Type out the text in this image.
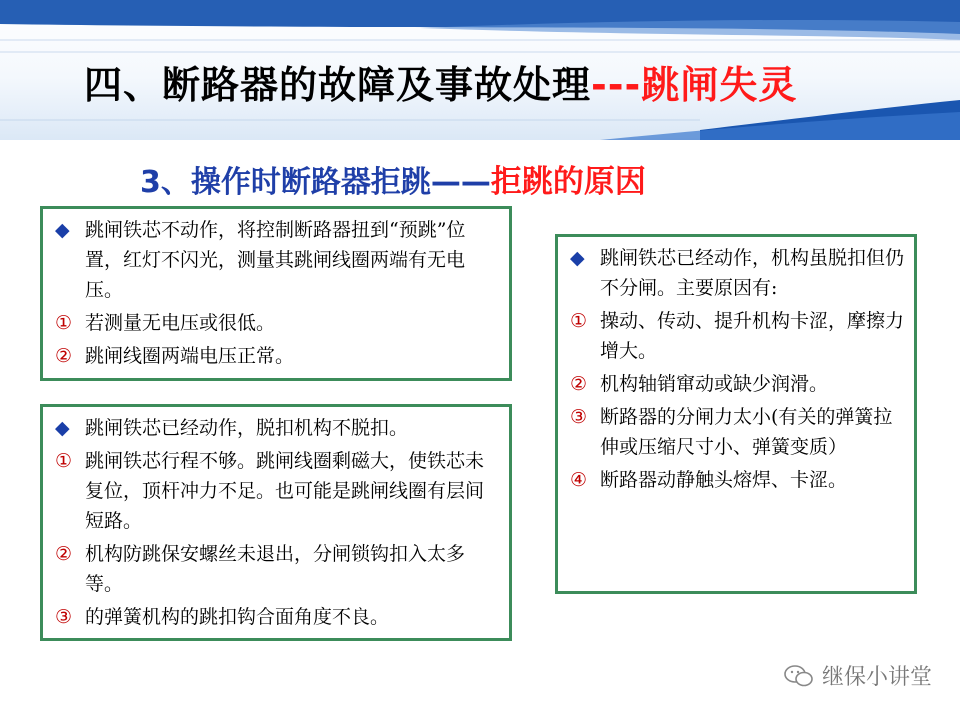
四、断路器的故障及事故处理---跳闸失灵
3、操作时断路器拒跳——拒跳的原因
◆ 跳闸铁芯不动作，将控制断路器扭到“预跳”位置，红灯不闪光，测量其跳闸线圈两端有无电压。
① 若测量无电压或很低。
② 跳闸线圈两端电压正常。
◆ 跳闸铁芯已经动作，脱扣机构不脱扣。
① 跳闸铁芯行程不够。跳闸线圈剩磁大，使铁芯未复位，顶杆冲力不足。也可能是跳闸线圈有层间短路。
② 机构防跳保安螺丝未退出，分闸锁钩扣入太多等。
③ 的弹簧机构的跳扣钩合面角度不良。
◆ 跳闸铁芯已经动作，机构虽脱扣但仍不分闸。主要原因有:
① 操动、传动、提升机构卡涩，摩擦力增大。
② 机构轴销窜动或缺少润滑。
③ 断路器的分闸力太小(有关的弹簧拉伸或压缩尺寸小、弹簧变质）
④ 断路器动静触头熔焊、卡涩。
继保小讲堂
